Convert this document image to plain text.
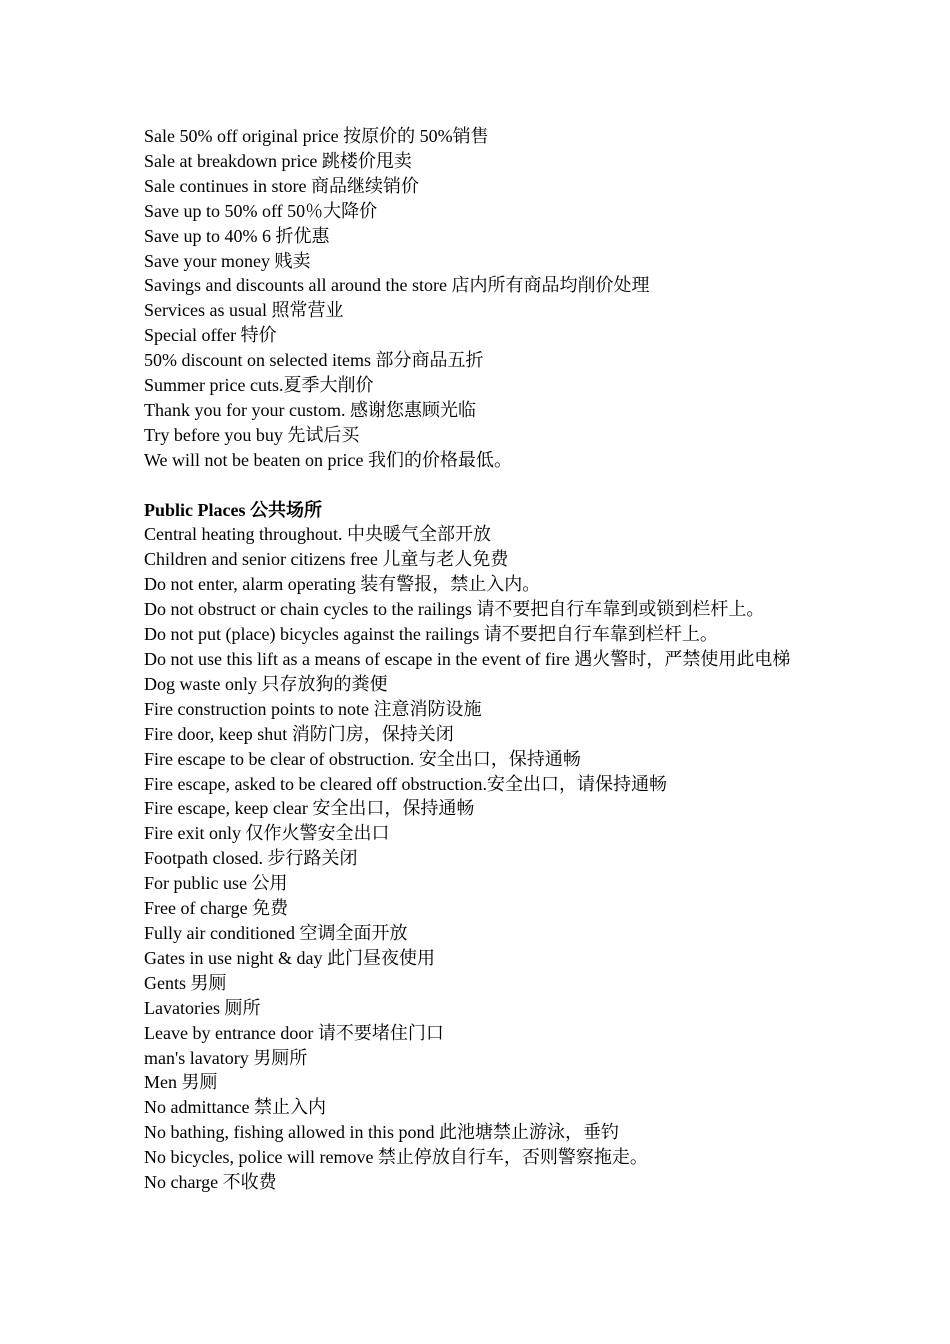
Sale 50% off original price 按原价的 50%销售

Sale at breakdown price 跳楼价甩卖

Sale continues in store 商品继续销价

Save up to 50% off 50％大降价

Save up to 40% 6 折优惠

Save your money 贱卖

Savings and discounts all around the store 店内所有商品均削价处理

Services as usual 照常营业

Special offer 特价

50% discount on selected items 部分商品五折

Summer price cuts.夏季大削价

Thank you for your custom. 感谢您惠顾光临

Try before you buy 先试后买

We will not be beaten on price 我们的价格最低。

Public Places 公共场所

Central heating throughout. 中央暖气全部开放

Children and senior citizens free 儿童与老人免费

Do not enter, alarm operating 装有警报，禁止入内。

Do not obstruct or chain cycles to the railings 请不要把自行车靠到或锁到栏杆上。

Do not put (place) bicycles against the railings 请不要把自行车靠到栏杆上。

Do not use this lift as a means of escape in the event of fire 遇火警时，严禁使用此电梯

Dog waste only 只存放狗的粪便

Fire construction points to note 注意消防设施

Fire door, keep shut 消防门房，保持关闭

Fire escape to be clear of obstruction. 安全出口，保持通畅

Fire escape, asked to be cleared off obstruction.安全出口，请保持通畅

Fire escape, keep clear 安全出口，保持通畅

Fire exit only 仅作火警安全出口

Footpath closed. 步行路关闭

For public use 公用

Free of charge 免费

Fully air conditioned 空调全面开放

Gates in use night & day 此门昼夜使用

Gents 男厕

Lavatories 厕所

Leave by entrance door 请不要堵住门口

man's lavatory 男厕所

Men 男厕

No admittance 禁止入内

No bathing, fishing allowed in this pond 此池塘禁止游泳，垂钓

No bicycles, police will remove 禁止停放自行车，否则警察拖走。

No charge 不收费
